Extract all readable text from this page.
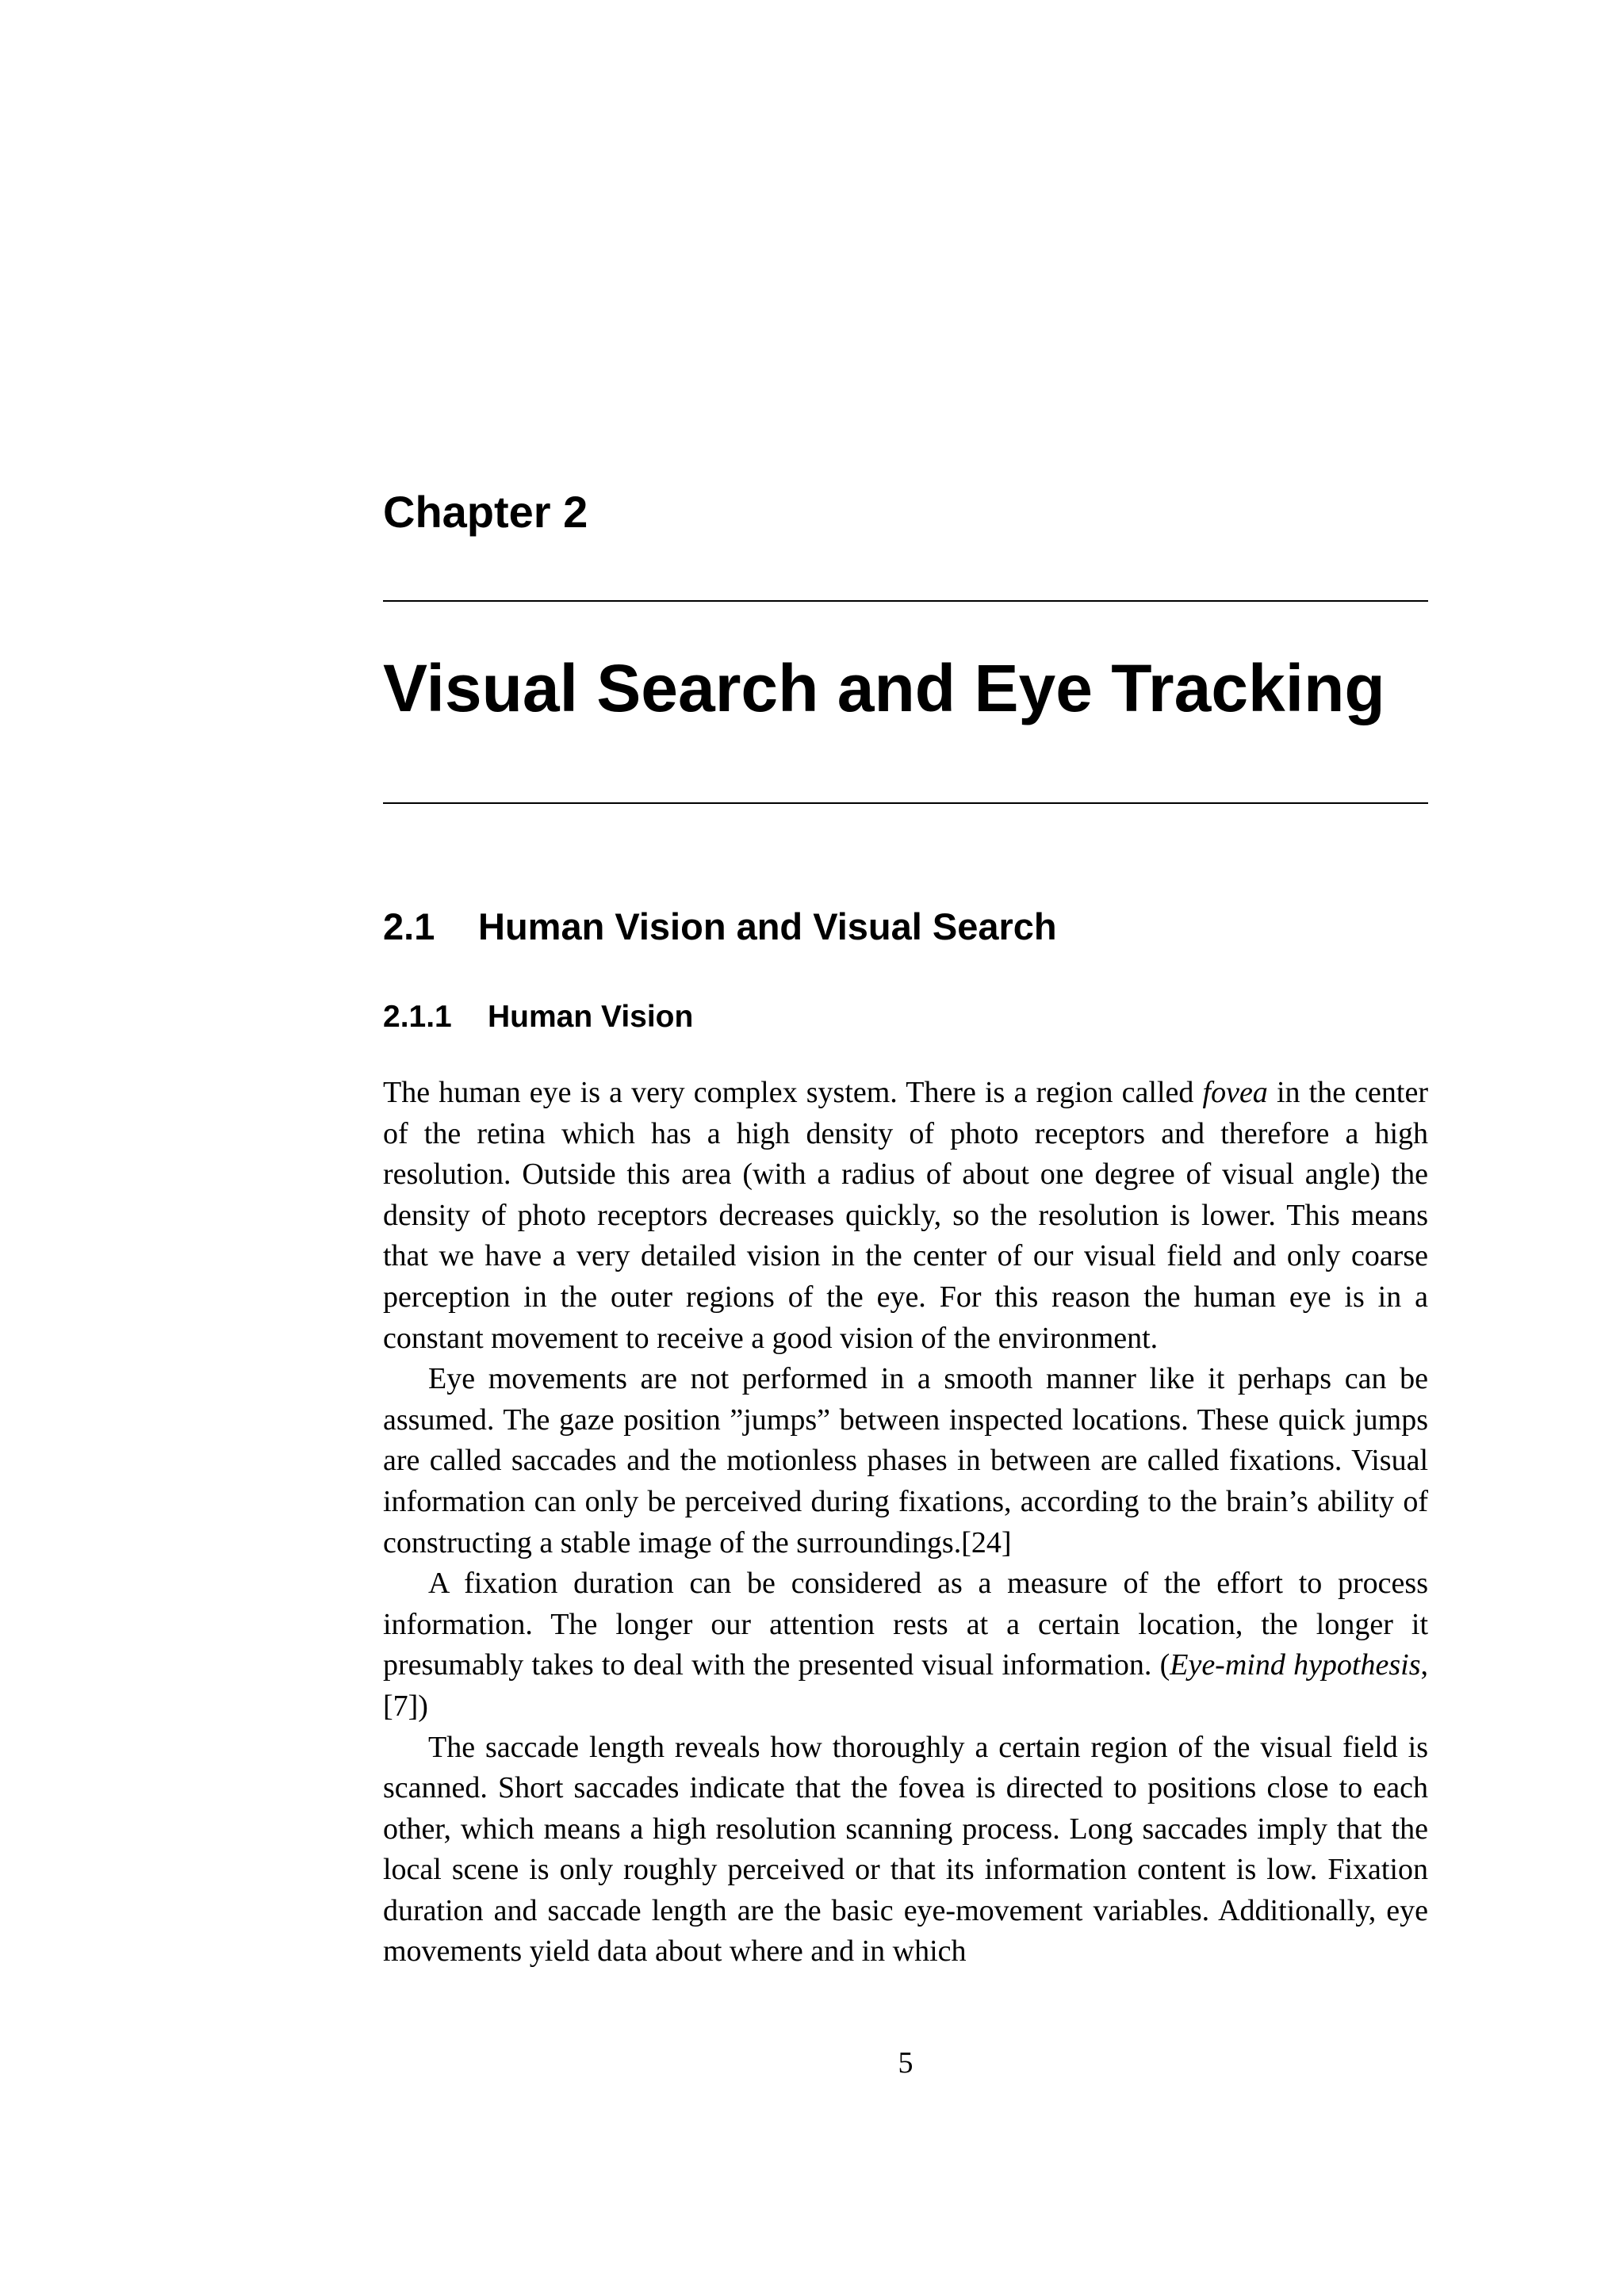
Chapter 2
Visual Search and Eye Tracking
2.1 Human Vision and Visual Search
2.1.1 Human Vision

The human eye is a very complex system. There is a region called fovea in the center of the retina which has a high density of photo receptors and therefore a high resolution. Outside this area (with a radius of about one degree of visual angle) the density of photo receptors decreases quickly, so the resolution is lower. This means that we have a very detailed vision in the center of our visual field and only coarse perception in the outer regions of the eye. For this reason the human eye is in a constant movement to receive a good vision of the environment.

Eye movements are not performed in a smooth manner like it perhaps can be assumed. The gaze position ”jumps” between inspected locations. These quick jumps are called saccades and the motionless phases in between are called fixations. Visual information can only be perceived during fixations, according to the brain’s ability of constructing a stable image of the surroundings.[24]

A fixation duration can be considered as a measure of the effort to process information. The longer our attention rests at a certain location, the longer it presumably takes to deal with the presented visual information. (Eye-mind hypothesis, [7])

The saccade length reveals how thoroughly a certain region of the visual field is scanned. Short saccades indicate that the fovea is directed to positions close to each other, which means a high resolution scanning process. Long saccades imply that the local scene is only roughly perceived or that its information content is low. Fixation duration and saccade length are the basic eye-movement variables. Additionally, eye movements yield data about where and in which

5
